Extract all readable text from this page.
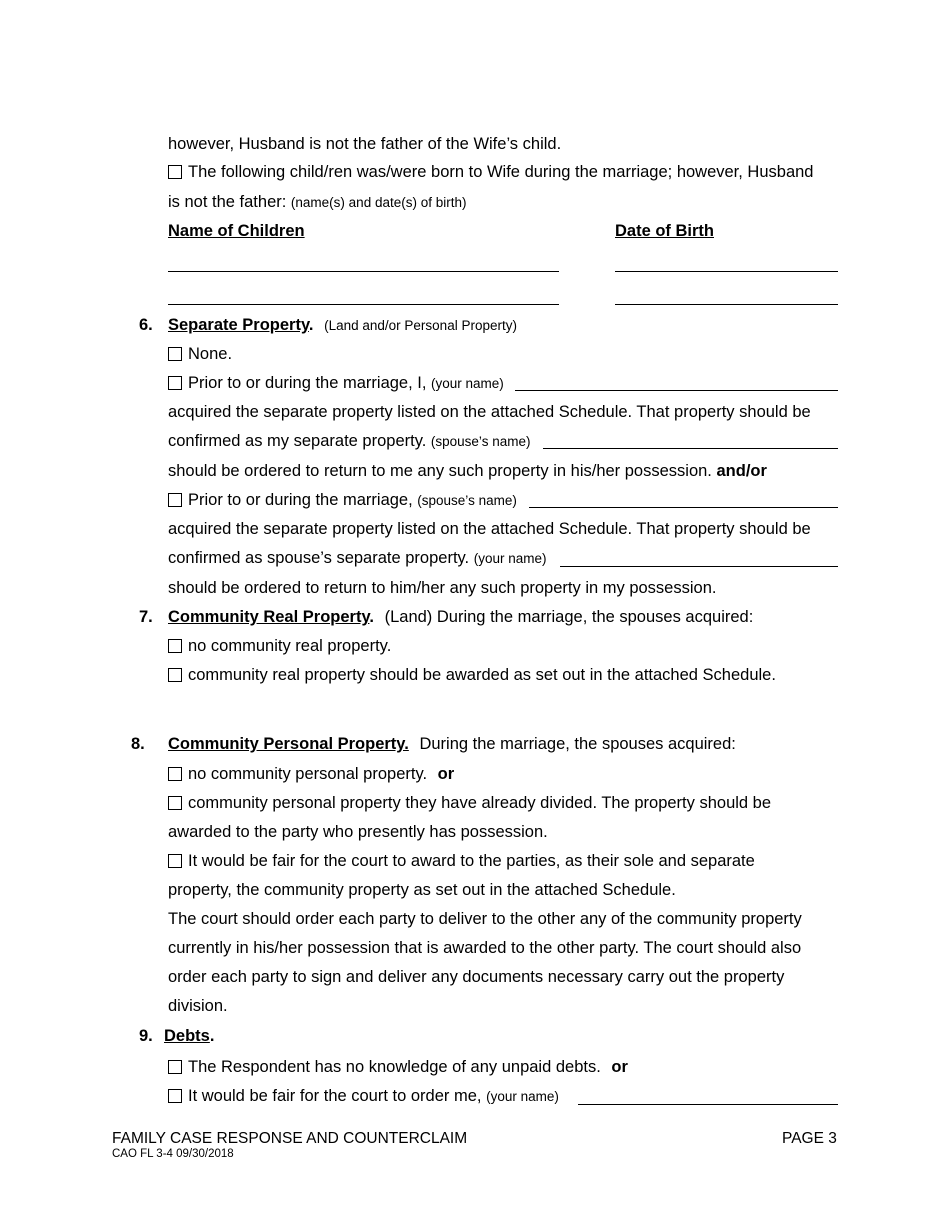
however, Husband is not the father of the Wife’s child.
The following child/ren was/were born to Wife during the marriage; however, Husband
is not the father: (name(s) and date(s) of birth)
Name of Children	Date of Birth
6. Separate Property. (Land and/or Personal Property)
None.
Prior to or during the marriage, I, (your name)
acquired the separate property listed on the attached Schedule. That property should be
confirmed as my separate property. (spouse’s name)
should be ordered to return to me any such property in his/her possession. and/or
Prior to or during the marriage, (spouse’s name)
acquired the separate property listed on the attached Schedule. That property should be
confirmed as spouse’s separate property. (your name)
should be ordered to return to him/her any such property in my possession.
7. Community Real Property. (Land) During the marriage, the spouses acquired:
no community real property.
community real property should be awarded as set out in the attached Schedule.
8. Community Personal Property. During the marriage, the spouses acquired:
no community personal property. or
community personal property they have already divided. The property should be
awarded to the party who presently has possession.
It would be fair for the court to award to the parties, as their sole and separate
property, the community property as set out in the attached Schedule.
The court should order each party to deliver to the other any of the community property
currently in his/her possession that is awarded to the other party. The court should also
order each party to sign and deliver any documents necessary carry out the property
division.
9. Debts.
The Respondent has no knowledge of any unpaid debts. or
It would be fair for the court to order me, (your name)
FAMILY CASE RESPONSE AND COUNTERCLAIM
CAO FL 3-4 09/30/2018
PAGE 3
